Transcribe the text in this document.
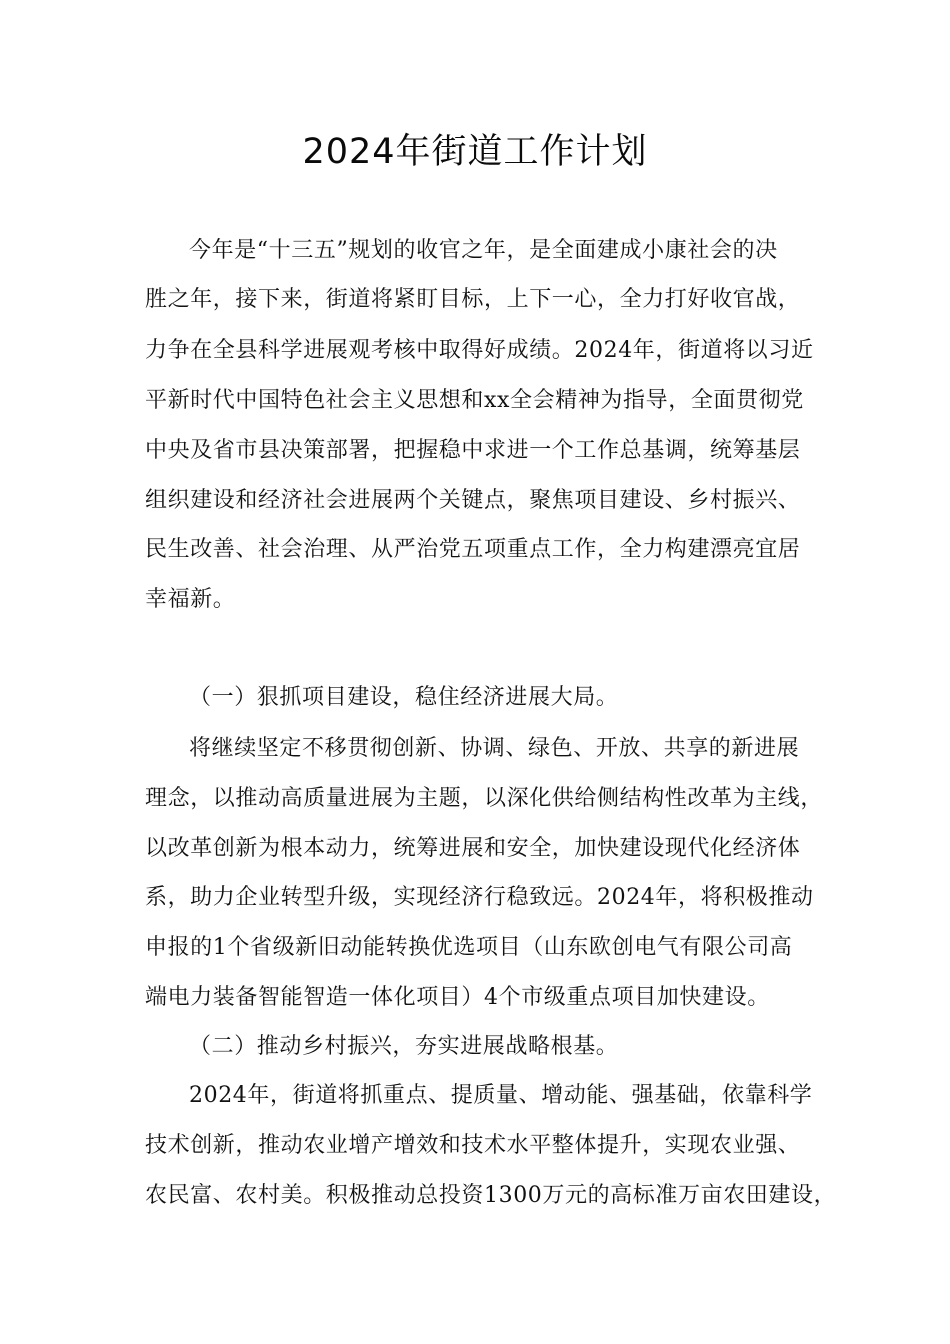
2024年街道工作计划
今年是“十三五”规划的收官之年，是全面建成小康社会的决
胜之年，接下来，街道将紧盯目标，上下一心，全力打好收官战，
力争在全县科学进展观考核中取得好成绩。2024年，街道将以习近
平新时代中国特色社会主义思想和xx全会精神为指导，全面贯彻党
中央及省市县决策部署，把握稳中求进一个工作总基调，统筹基层
组织建设和经济社会进展两个关键点，聚焦项目建设、乡村振兴、
民生改善、社会治理、从严治党五项重点工作，全力构建漂亮宜居
幸福新。
（一）狠抓项目建设，稳住经济进展大局。
将继续坚定不移贯彻创新、协调、绿色、开放、共享的新进展
理念，以推动高质量进展为主题，以深化供给侧结构性改革为主线，
以改革创新为根本动力，统筹进展和安全，加快建设现代化经济体
系，助力企业转型升级，实现经济行稳致远。2024年，将积极推动
申报的1个省级新旧动能转换优选项目（山东欧创电气有限公司高
端电力装备智能智造一体化项目）4个市级重点项目加快建设。
（二）推动乡村振兴，夯实进展战略根基。
2024年，街道将抓重点、提质量、增动能、强基础，依靠科学
技术创新，推动农业增产增效和技术水平整体提升，实现农业强、
农民富、农村美。积极推动总投资1300万元的高标准万亩农田建设，
